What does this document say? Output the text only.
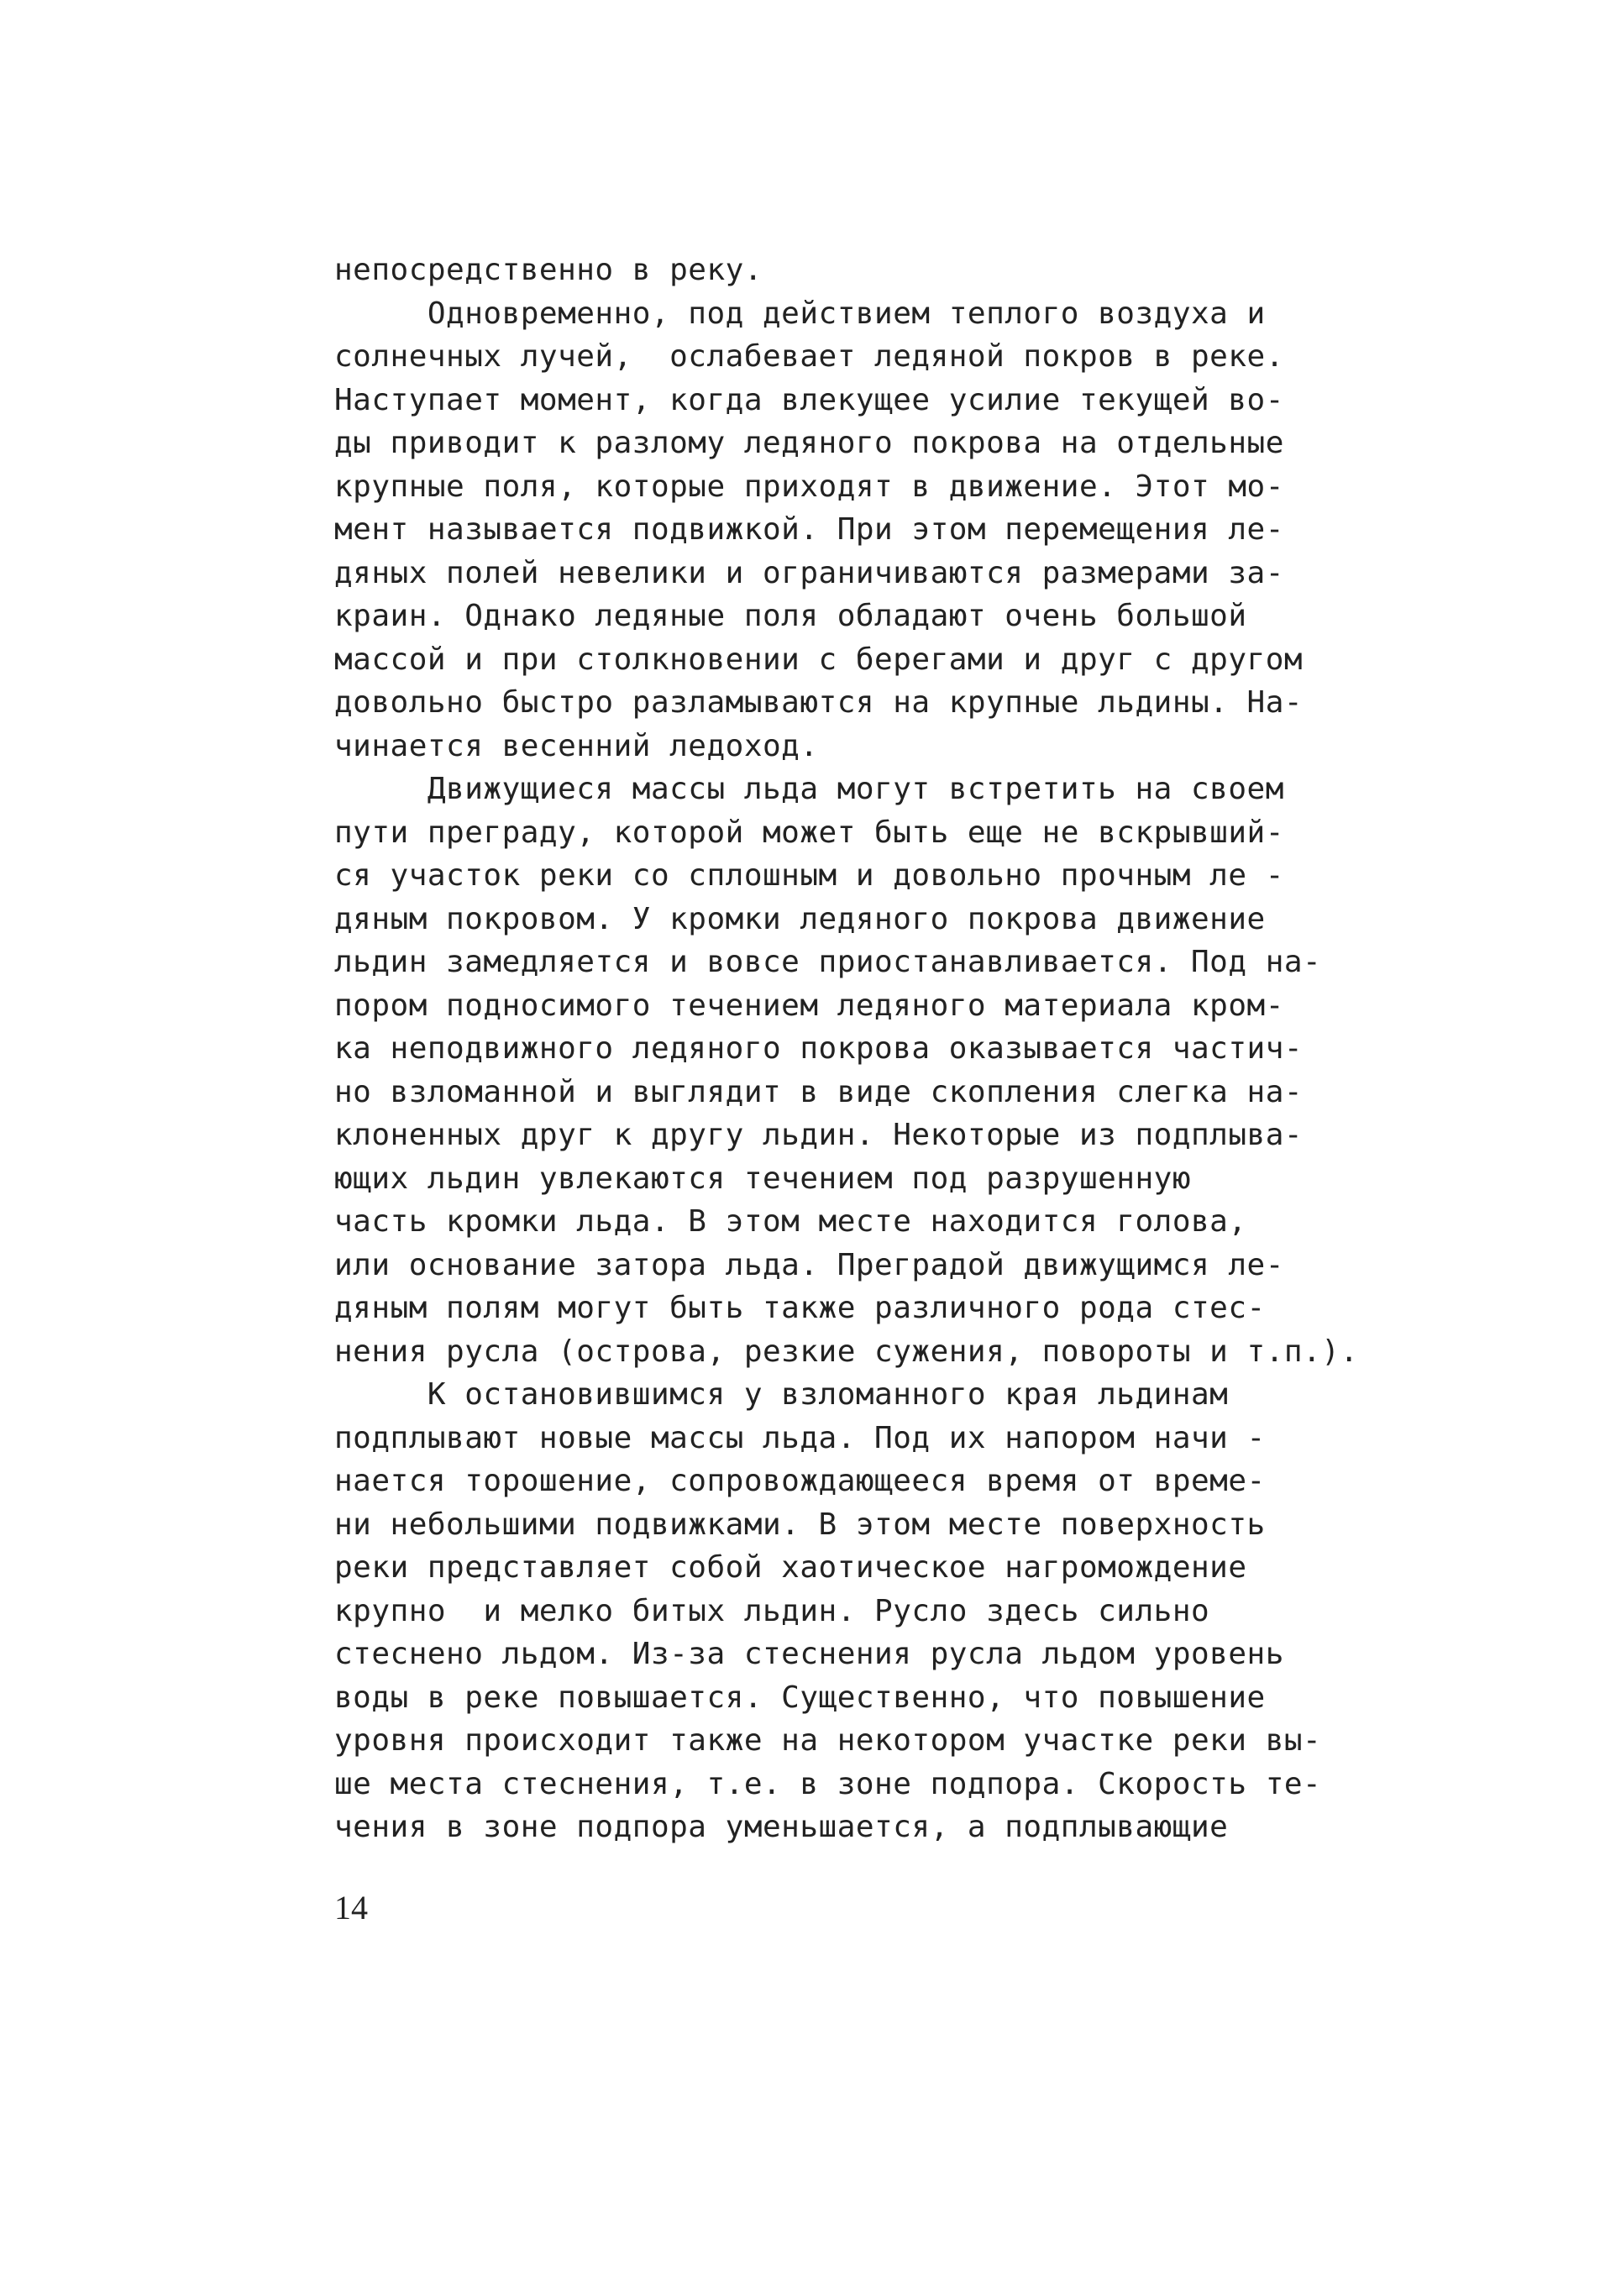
непосредственно в реку.
Одновременно, под действием теплого воздуха и
солнечных лучей,  ослабевает ледяной покров в реке.
Наступает момент, когда влекущее усилие текущей во-
ды приводит к разлому ледяного покрова на отдельные
крупные поля, которые приходят в движение. Этот мо-
мент называется подвижкой. При этом перемещения ле-
дяных полей невелики и ограничиваются размерами за-
краин. Однако ледяные поля обладают очень большой
массой и при столкновении с берегами и друг с другом
довольно быстро разламываются на крупные льдины. На-
чинается весенний ледоход.
Движущиеся массы льда могут встретить на своем
пути преграду, которой может быть еще не вскрывший-
ся участок реки со сплошным и довольно прочным ле -
дяным покровом. У кромки ледяного покрова движение
льдин замедляется и вовсе приостанавливается. Под на-
пором подносимого течением ледяного материала кром-
ка неподвижного ледяного покрова оказывается частич-
но взломанной и выглядит в виде скопления слегка на-
клоненных друг к другу льдин. Некоторые из подплыва-
ющих льдин увлекаются течением под разрушенную
часть кромки льда. В этом месте находится голова,
или основание затора льда. Преградой движущимся ле-
дяным полям могут быть также различного рода стес-
нения русла (острова, резкие сужения, повороты и т.п.).
К остановившимся у взломанного края льдинам
подплывают новые массы льда. Под их напором начи -
нается торошение, сопровождающееся время от време-
ни небольшими подвижками. В этом месте поверхность
реки представляет собой хаотическое нагромождение
крупно  и мелко битых льдин. Русло здесь сильно
стеснено льдом. Из-за стеснения русла льдом уровень
воды в реке повышается. Существенно, что повышение
уровня происходит также на некотором участке реки вы-
ше места стеснения, т.е. в зоне подпора. Скорость те-
чения в зоне подпора уменьшается, а подплывающие
14
